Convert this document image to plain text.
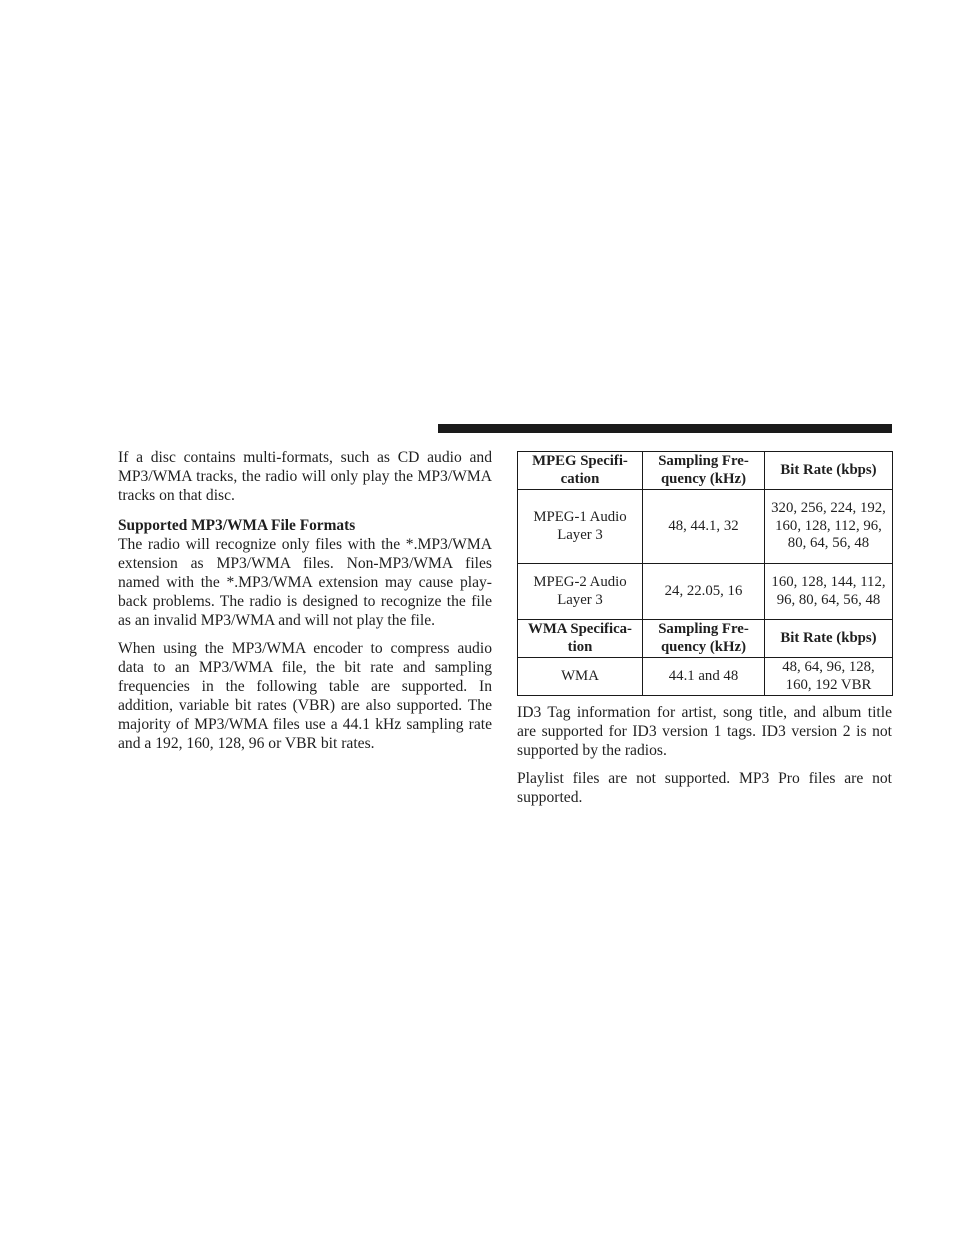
If a disc contains multi-formats, such as CD audio and MP3/WMA tracks, the radio will only play the MP3/WMA tracks on that disc.

Supported MP3/WMA File Formats

The radio will recognize only files with the *.MP3/WMA extension as MP3/WMA files. Non-MP3/WMA files named with the *.MP3/WMA extension may cause play-back problems. The radio is designed to recognize the file as an invalid MP3/WMA and will not play the file.

When using the MP3/WMA encoder to compress audio data to an MP3/WMA file, the bit rate and sampling frequencies in the following table are supported. In addition, variable bit rates (VBR) are also supported. The majority of MP3/WMA files use a 44.1 kHz sampling rate and a 192, 160, 128, 96 or VBR bit rates.

MPEG Specifi-cation	Sampling Fre-quency (kHz)	Bit Rate (kbps)
MPEG-1 Audio Layer 3	48, 44.1, 32	320, 256, 224, 192, 160, 128, 112, 96, 80, 64, 56, 48
MPEG-2 Audio Layer 3	24, 22.05, 16	160, 128, 144, 112, 96, 80, 64, 56, 48
WMA Specifica-tion	Sampling Fre-quency (kHz)	Bit Rate (kbps)
WMA	44.1 and 48	48, 64, 96, 128, 160, 192 VBR

ID3 Tag information for artist, song title, and album title are supported for ID3 version 1 tags. ID3 version 2 is not supported by the radios.

Playlist files are not supported. MP3 Pro files are not supported.
